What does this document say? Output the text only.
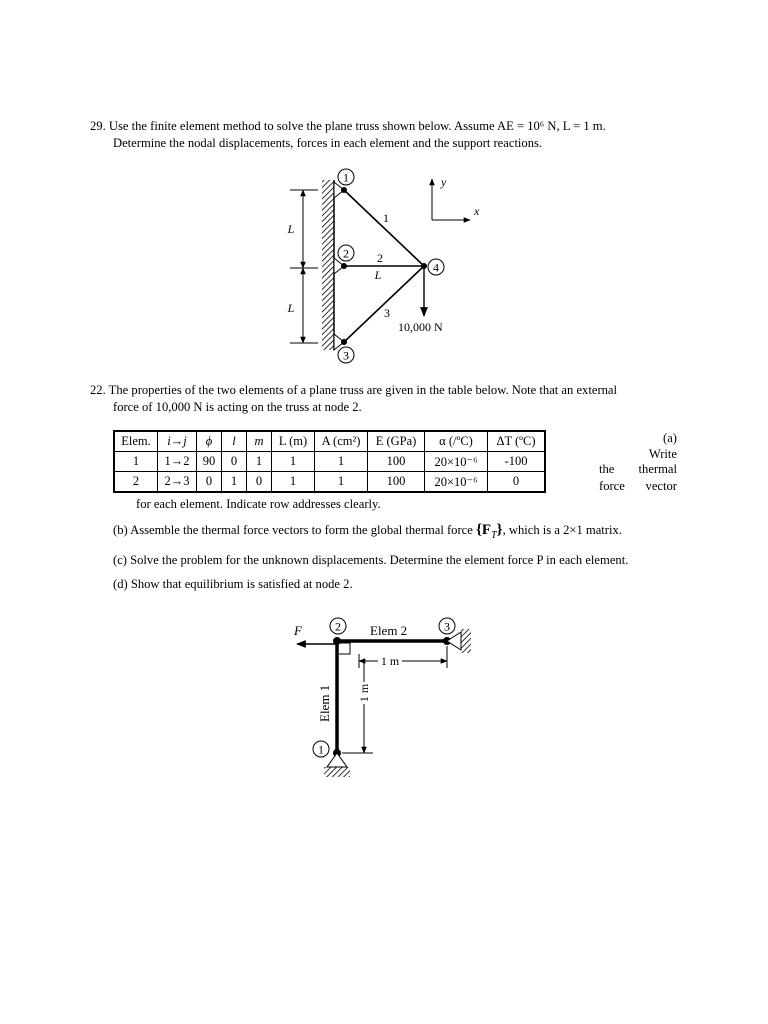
29. Use the finite element method to solve the plane truss shown below. Assume AE = 10⁶ N, L = 1 m.
Determine the nodal displacements, forces in each element and the support reactions.
1
2
3
4
1
2
3
L
L
L
10,000 N
y
x
22. The properties of the two elements of a plane truss are given in the table below. Note that an external
force of 10,000 N is acting on the truss at node 2.
Elem.	i→j	ϕ	l	m	L (m)	A (cm²)	E (GPa)	α (/ºC)	ΔT (ºC)
1	1→2	90	0	1	1	1	100	20×10⁻⁶	-100
2	2→3	0	1	0	1	1	100	20×10⁻⁶	0
(a)
Write
the thermal
force vector
for each element. Indicate row addresses clearly.
(b) Assemble the thermal force vectors to form the global thermal force $\{F_T\}$, which is a 2×1 matrix.
(c) Solve the problem for the unknown displacements. Determine the element force P in each element.
(d) Show that equilibrium is satisfied at node 2.
F	2	3
1
Elem 2
Elem 1
1 m
1 m
